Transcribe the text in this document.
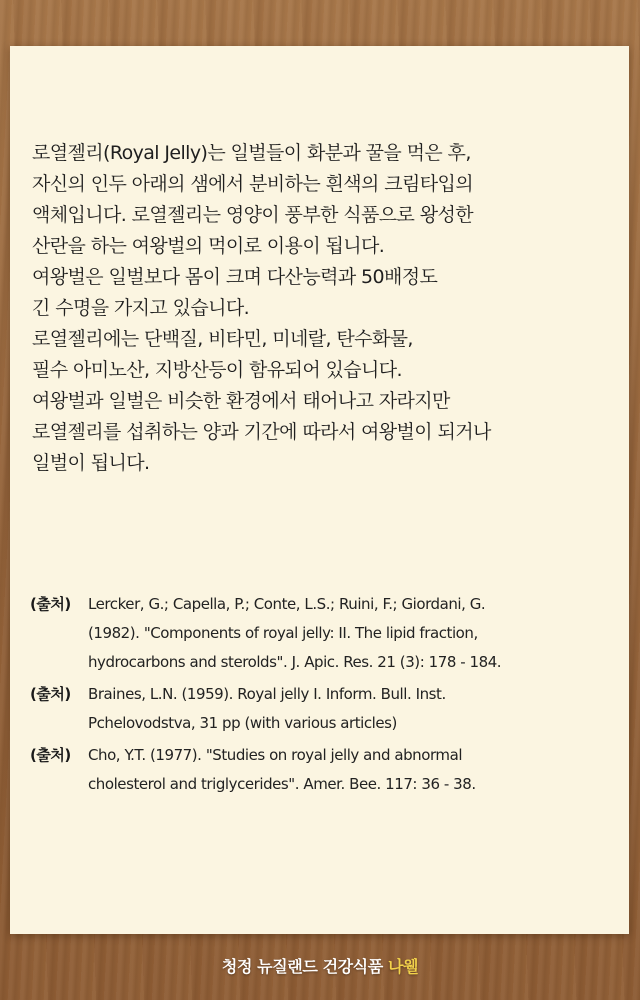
로열젤리(Royal Jelly)는 일벌들이 화분과 꿀을 먹은 후,
자신의 인두 아래의 샘에서 분비하는 흰색의 크림타입의
액체입니다. 로열젤리는 영양이 풍부한 식품으로 왕성한
산란을 하는 여왕벌의 먹이로 이용이 됩니다.
여왕벌은 일벌보다 몸이 크며 다산능력과 50배정도
긴 수명을 가지고 있습니다.
로열젤리에는 단백질, 비타민, 미네랄, 탄수화물,
필수 아미노산, 지방산등이 함유되어 있습니다.
여왕벌과 일벌은 비슷한 환경에서 태어나고 자라지만
로열젤리를 섭취하는 양과 기간에 따라서 여왕벌이 되거나
일벌이 됩니다.
(출처) Lercker, G.; Capella, P.; Conte, L.S.; Ruini, F.; Giordani, G.
(1982). "Components of royal jelly: II. The lipid fraction,
hydrocarbons and sterolds". J. Apic. Res. 21 (3): 178 - 184.
(출처) Braines, L.N. (1959). Royal jelly I. Inform. Bull. Inst.
Pchelovodstva, 31 pp (with various articles)
(출처) Cho, Y.T. (1977). "Studies on royal jelly and abnormal
cholesterol and triglycerides". Amer. Bee. 117: 36 - 38.
청정 뉴질랜드 건강식품 나웰
